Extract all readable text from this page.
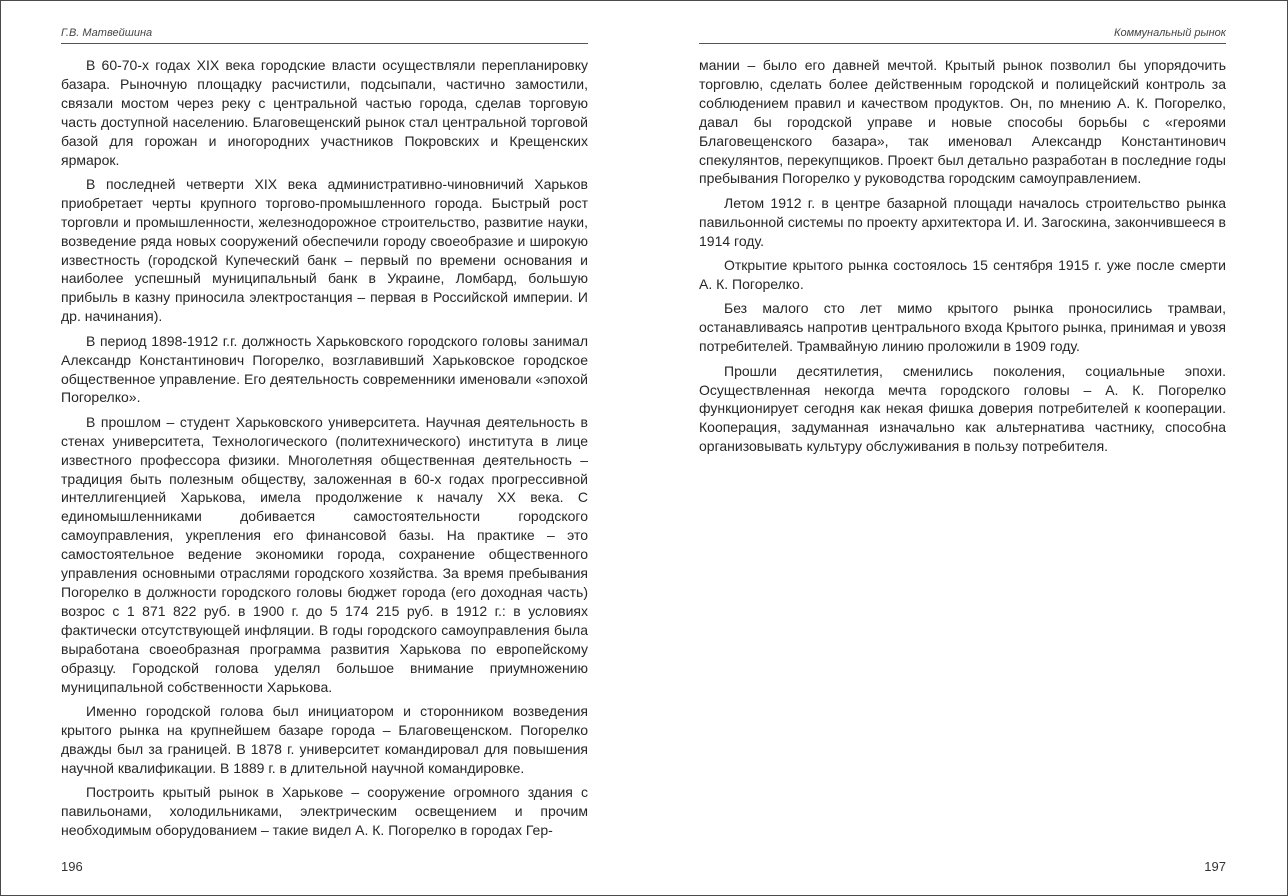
Г.В. Матвейшина

В 60-70-х годах XIX века городские власти осуществляли перепланировку базара. Рыночную площадку расчистили, подсыпали, частично замостили, связали мостом через реку с центральной частью города, сделав торговую часть доступной населению. Благовещенский рынок стал центральной торговой базой для горожан и иногородних участников Покровских и Крещенских ярмарок.

В последней четверти XIX века административно-чиновничий Харьков приобретает черты крупного торгово-промышленного города. Быстрый рост торговли и промышленности, железнодорожное строительство, развитие науки, возведение ряда новых сооружений обеспечили городу своеобразие и широкую известность (городской Купеческий банк – первый по времени основания и наиболее успешный муниципальный банк в Украине, Ломбард, большую прибыль в казну приносила электростанция – первая в Российской империи. И др. начинания).

В период 1898-1912 г.г. должность Харьковского городского головы занимал Александр Константинович Погорелко, возглавивший Харьковское городское общественное управление. Его деятельность современники именовали «эпохой Погорелко».

В прошлом – студент Харьковского университета. Научная деятельность в стенах университета, Технологического (политехнического) института в лице известного профессора физики. Многолетняя общественная деятельность – традиция быть полезным обществу, заложенная в 60-х годах прогрессивной интеллигенцией Харькова, имела продолжение к началу XX века. С единомышленниками добивается самостоятельности городского самоуправления, укрепления его финансовой базы. На практике – это самостоятельное ведение экономики города, сохранение общественного управления основными отраслями городского хозяйства. За время пребывания Погорелко в должности городского головы бюджет города (его доходная часть) возрос с 1 871 822 руб. в 1900 г. до 5 174 215 руб. в 1912 г.: в условиях фактически отсутствующей инфляции. В годы городского самоуправления была выработана своеобразная программа развития Харькова по европейскому образцу. Городской голова уделял большое внимание приумножению муниципальной собственности Харькова.

Именно городской голова был инициатором и сторонником возведения крытого рынка на крупнейшем базаре города – Благовещенском. Погорелко дважды был за границей. В 1878 г. университет командировал для повышения научной квалификации. В 1889 г. в длительной научной командировке.

Построить крытый рынок в Харькове – сооружение огромного здания с павильонами, холодильниками, электрическим освещением и прочим необходимым оборудованием – такие видел А. К. Погорелко в городах Гер-

196
Коммунальный рынок

мании – было его давней мечтой. Крытый рынок позволил бы упорядочить торговлю, сделать более действенным городской и полицейский контроль за соблюдением правил и качеством продуктов. Он, по мнению А. К. Погорелко, давал бы городской управе и новые способы борьбы с «героями Благовещенского базара», так именовал Александр Константинович спекулянтов, перекупщиков. Проект был детально разработан в последние годы пребывания Погорелко у руководства городским самоуправлением.

Летом 1912 г. в центре базарной площади началось строительство рынка павильонной системы по проекту архитектора И. И. Загоскина, закончившееся в 1914 году.

Открытие крытого рынка состоялось 15 сентября 1915 г. уже после смерти А. К. Погорелко.

Без малого сто лет мимо крытого рынка проносились трамваи, останавливаясь напротив центрального входа Крытого рынка, принимая и увозя потребителей. Трамвайную линию проложили в 1909 году.

Прошли десятилетия, сменились поколения, социальные эпохи. Осуществленная некогда мечта городского головы – А. К. Погорелко функционирует сегодня как некая фишка доверия потребителей к кооперации. Кооперация, задуманная изначально как альтернатива частнику, способна организовывать культуру обслуживания в пользу потребителя.

197
